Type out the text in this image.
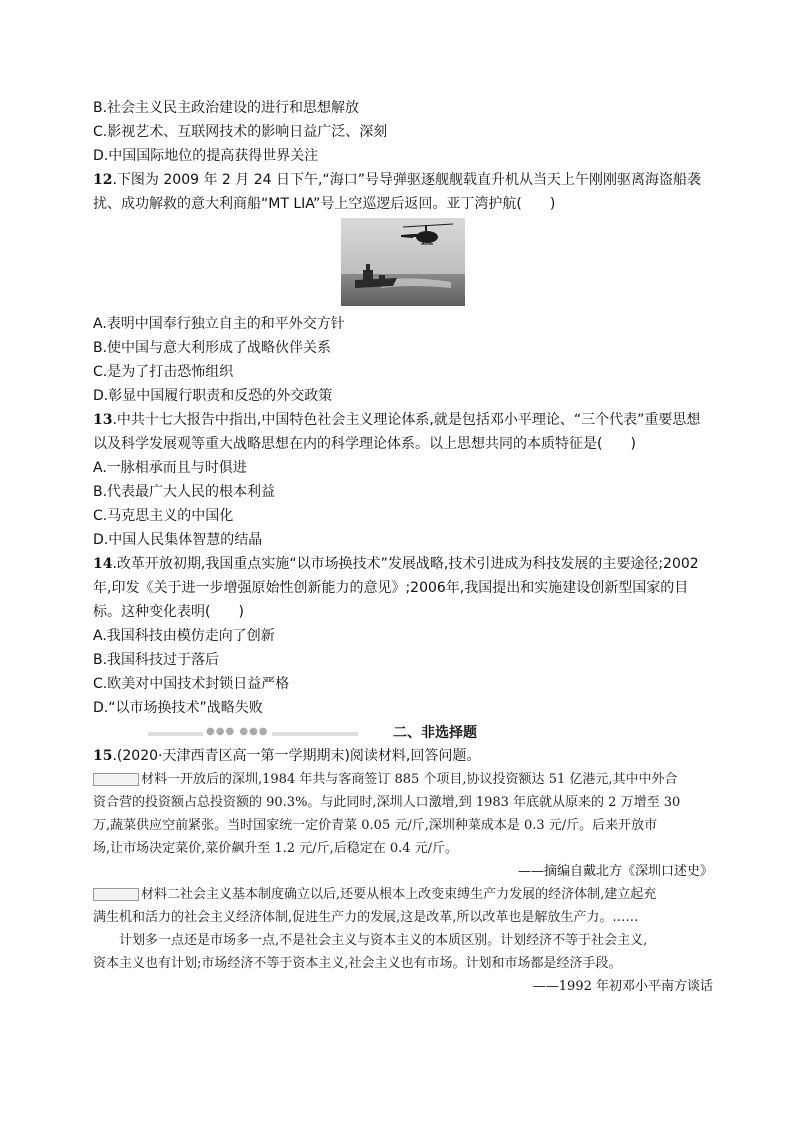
B.社会主义民主政治建设的进行和思想解放
C.影视艺术、互联网技术的影响日益广泛、深刻
D.中国国际地位的提高获得世界关注
12.下图为 2009 年 2 月 24 日下午,“海口”号导弹驱逐舰舰载直升机从当天上午刚刚驱离海盗船袭
扰、成功解救的意大利商船“MT LIA”号上空巡逻后返回。亚丁湾护航(　　)
A.表明中国奉行独立自主的和平外交方针
B.使中国与意大利形成了战略伙伴关系
C.是为了打击恐怖组织
D.彰显中国履行职责和反恐的外交政策
13.中共十七大报告中指出,中国特色社会主义理论体系,就是包括邓小平理论、“三个代表”重要思想
以及科学发展观等重大战略思想在内的科学理论体系。以上思想共同的本质特征是(　　)
A.一脉相承而且与时俱进
B.代表最广大人民的根本利益
C.马克思主义的中国化
D.中国人民集体智慧的结晶
14.改革开放初期,我国重点实施“以市场换技术”发展战略,技术引进成为科技发展的主要途径;2002
年,印发《关于进一步增强原始性创新能力的意见》;2006年,我国提出和实施建设创新型国家的目
标。这种变化表明(　　)
A.我国科技由模仿走向了创新
B.我国科技过于落后
C.欧美对中国技术封锁日益严格
D.“以市场换技术”战略失败
●●● ●●●	二、非选择题
15.(2020·天津西青区高一第一学期期末)阅读材料,回答问题。
材料一开放后的深圳,1984 年共与客商签订 885 个项目,协议投资额达 51 亿港元,其中中外合
资合营的投资额占总投资额的 90.3%。与此同时,深圳人口激增,到 1983 年底就从原来的 2 万增至 30
万,蔬菜供应空前紧张。当时国家统一定价青菜 0.05 元/斤,深圳种菜成本是 0.3 元/斤。后来开放市
场,让市场决定菜价,菜价飙升至 1.2 元/斤,后稳定在 0.4 元/斤。
——摘编自戴北方《深圳口述史》
材料二社会主义基本制度确立以后,还要从根本上改变束缚生产力发展的经济体制,建立起充
满生机和活力的社会主义经济体制,促进生产力的发展,这是改革,所以改革也是解放生产力。……
计划多一点还是市场多一点,不是社会主义与资本主义的本质区别。计划经济不等于社会主义,
资本主义也有计划;市场经济不等于资本主义,社会主义也有市场。计划和市场都是经济手段。
——1992 年初邓小平南方谈话
